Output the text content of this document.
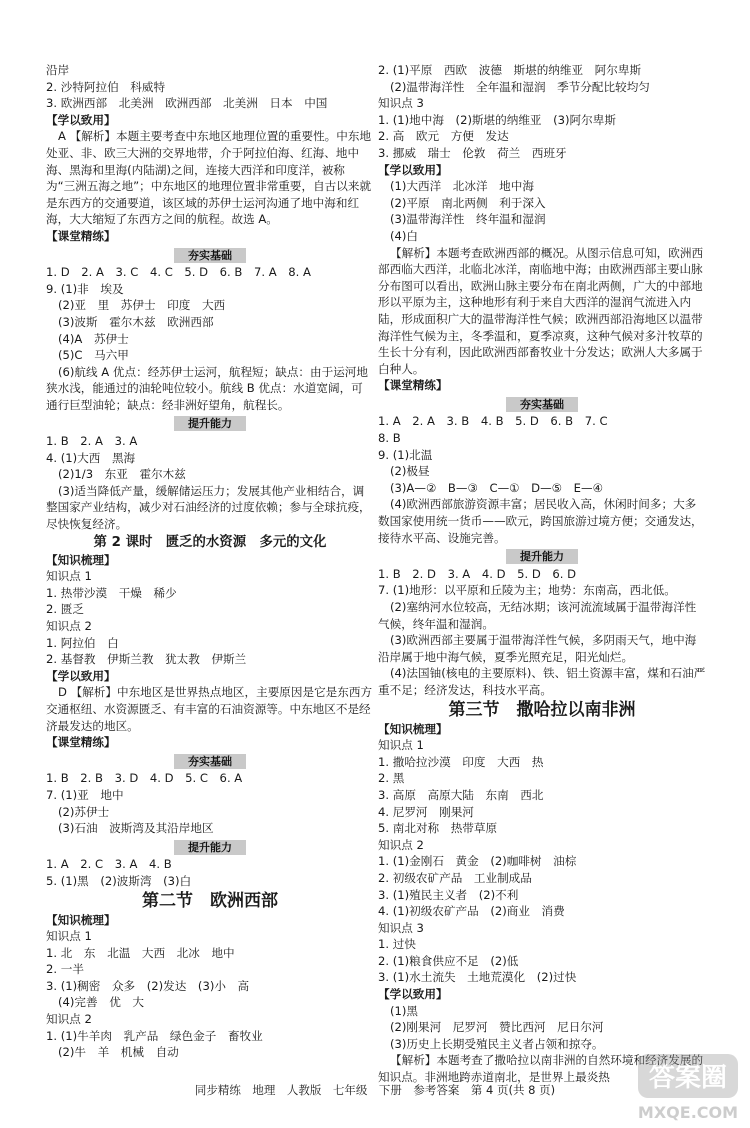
沿岸
2. 沙特阿拉伯　科威特
3. 欧洲西部　北美洲　欧洲西部　北美洲　日本　中国
【学以致用】
A 【解析】本题主要考查中东地区地理位置的重要性。中东地处亚、非、欧三大洲的交界地带，介于阿拉伯海、红海、地中海、黑海和里海(内陆湖)之间，连接大西洋和印度洋，被称为“三洲五海之地”；中东地区的地理位置非常重要，自古以来就是东西方的交通要道，该区域的苏伊士运河沟通了地中海和红海，大大缩短了东西方之间的航程。故选 A。
【课堂精练】
夯实基础
1. D　2. A　3. C　4. C　5. D　6. B　7. A　8. A
9. (1)非　埃及
(2)亚　里　苏伊士　印度　大西
(3)波斯　霍尔木兹　欧洲西部
(4)A　苏伊士
(5)C　马六甲
(6)航线 A 优点：经苏伊士运河，航程短；缺点：由于运河地狭水浅，能通过的油轮吨位较小。航线 B 优点：水道宽阔，可通行巨型油轮；缺点：经非洲好望角，航程长。
提升能力
1. B　2. A　3. A
4. (1)大西　黑海
(2)1/3　东亚　霍尔木兹
(3)适当降低产量，缓解储运压力；发展其他产业相结合，调整国家产业结构，减少对石油经济的过度依赖；参与全球抗疫，尽快恢复经济。
第 2 课时　匮乏的水资源　多元的文化
【知识梳理】
知识点 1
1. 热带沙漠　干燥　稀少
2. 匮乏
知识点 2
1. 阿拉伯　白
2. 基督教　伊斯兰教　犹太教　伊斯兰
【学以致用】
D 【解析】中东地区是世界热点地区，主要原因是它是东西方交通枢纽、水资源匮乏、有丰富的石油资源等。中东地区不是经济最发达的地区。
【课堂精练】
夯实基础
1. B　2. B　3. D　4. D　5. C　6. A
7. (1)亚　地中
(2)苏伊士
(3)石油　波斯湾及其沿岸地区
提升能力
1. A　2. C　3. A　4. B
5. (1)黑　(2)波斯湾　(3)白
第二节　欧洲西部
【知识梳理】
知识点 1
1. 北　东　北温　大西　北冰　地中
2. 一半
3. (1)稠密　众多　(2)发达　(3)小　高
(4)完善　优　大
知识点 2
1. (1)牛羊肉　乳产品　绿色金子　畜牧业
(2)牛　羊　机械　自动
2. (1)平原　西欧　波德　斯堪的纳维亚　阿尔卑斯
(2)温带海洋性　全年温和湿润　季节分配比较均匀
知识点 3
1. (1)地中海　(2)斯堪的纳维亚　(3)阿尔卑斯
2. 高　欧元　方便　发达
3. 挪威　瑞士　伦敦　荷兰　西班牙
【学以致用】
(1)大西洋　北冰洋　地中海
(2)平原　南北两侧　利于深入
(3)温带海洋性　终年温和湿润
(4)白
【解析】本题考查欧洲西部的概况。从图示信息可知，欧洲西部西临大西洋，北临北冰洋，南临地中海；由欧洲西部主要山脉分布图可以看出，欧洲山脉主要分布在南北两侧，广大的中部地形以平原为主，这种地形有利于来自大西洋的湿润气流进入内陆，形成面积广大的温带海洋性气候；欧洲西部沿海地区以温带海洋性气候为主，冬季温和，夏季凉爽，这种气候对多汁牧草的生长十分有利，因此欧洲西部畜牧业十分发达；欧洲人大多属于白种人。
【课堂精练】
夯实基础
1. A　2. A　3. B　4. B　5. D　6. B　7. C
8. B
9. (1)北温
(2)极昼
(3)A—②　B—③　C—①　D—⑤　E—④
(4)欧洲西部旅游资源丰富；居民收入高，休闲时间多；大多数国家使用统一货币——欧元，跨国旅游过境方便；交通发达，接待水平高、设施完善。
提升能力
1. B　2. D　3. A　4. D　5. D　6. D
7. (1)地形：以平原和丘陵为主；地势：东南高，西北低。
(2)塞纳河水位较高，无结冰期；该河流流域属于温带海洋性气候，终年温和湿润。
(3)欧洲西部主要属于温带海洋性气候，多阴雨天气，地中海沿岸属于地中海气候，夏季光照充足，阳光灿烂。
(4)法国铀(核电的主要原料)、铁、铝土资源丰富，煤和石油严重不足；经济发达，科技水平高。
第三节　撒哈拉以南非洲
【知识梳理】
知识点 1
1. 撒哈拉沙漠　印度　大西　热
2. 黑
3. 高原　高原大陆　东南　西北
4. 尼罗河　刚果河
5. 南北对称　热带草原
知识点 2
1. (1)金刚石　黄金　(2)咖啡树　油棕
2. 初级农矿产品　工业制成品
3. (1)殖民主义者　(2)不利
4. (1)初级农矿产品　(2)商业　消费
知识点 3
1. 过快
2. (1)粮食供应不足　(2)低
3. (1)水土流失　土地荒漠化　(2)过快
【学以致用】
(1)黑
(2)刚果河　尼罗河　赞比西河　尼日尔河
(3)历史上长期受殖民主义者占领和掠夺。
【解析】本题考查了撒哈拉以南非洲的自然环境和经济发展的知识点。非洲地跨赤道南北，是世界上最炎热
同步精练　地理　人教版　七年级　下册　参考答案　第 4 页(共 8 页)	答案圈
MXQE.COM
